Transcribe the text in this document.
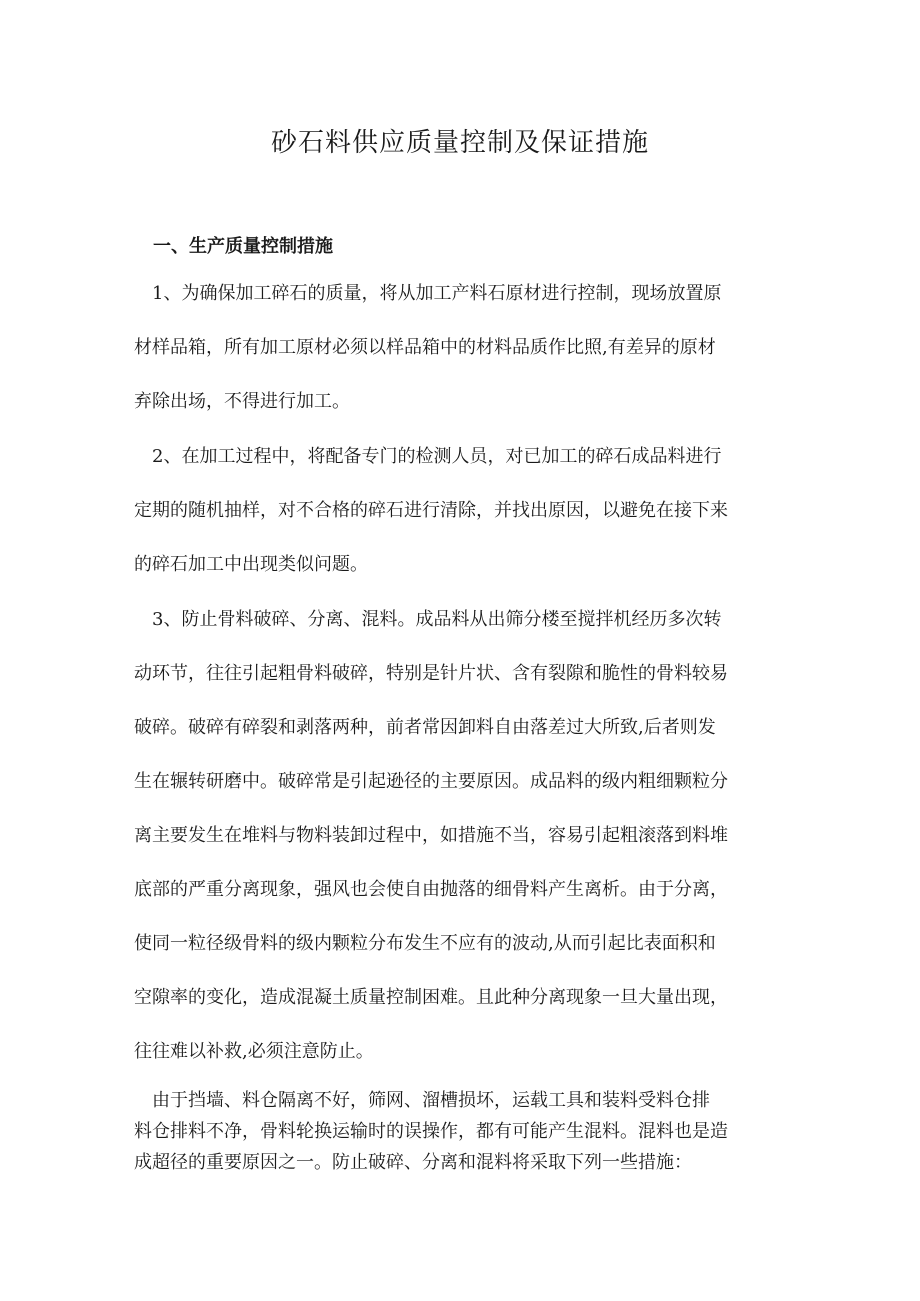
砂石料供应质量控制及保证措施
一、生产质量控制措施
　1、为确保加工碎石的质量，将从加工产料石原材进行控制，现场放置原
材样品箱，所有加工原材必须以样品箱中的材料品质作比照,有差异的原材
弃除出场，不得进行加工。
　2、在加工过程中，将配备专门的检测人员，对已加工的碎石成品料进行
定期的随机抽样，对不合格的碎石进行清除，并找出原因，以避免在接下来
的碎石加工中出现类似问题。
　3、防止骨料破碎、分离、混料。成品料从出筛分楼至搅拌机经历多次转
动环节，往往引起粗骨料破碎，特别是针片状、含有裂隙和脆性的骨料较易
破碎。破碎有碎裂和剥落两种，前者常因卸料自由落差过大所致,后者则发
生在辗转研磨中。破碎常是引起逊径的主要原因。成品料的级内粗细颗粒分
离主要发生在堆料与物料装卸过程中，如措施不当，容易引起粗滚落到料堆
底部的严重分离现象，强风也会使自由抛落的细骨料产生离析。由于分离，
使同一粒径级骨料的级内颗粒分布发生不应有的波动,从而引起比表面积和
空隙率的变化，造成混凝土质量控制困难。且此种分离现象一旦大量出现，
往往难以补救,必须注意防止。
　由于挡墙、料仓隔离不好，筛网、溜槽损坏，运载工具和装料受料仓排
料仓排料不净，骨料轮换运输时的误操作，都有可能产生混料。混料也是造
成超径的重要原因之一。防止破碎、分离和混料将采取下列一些措施：
